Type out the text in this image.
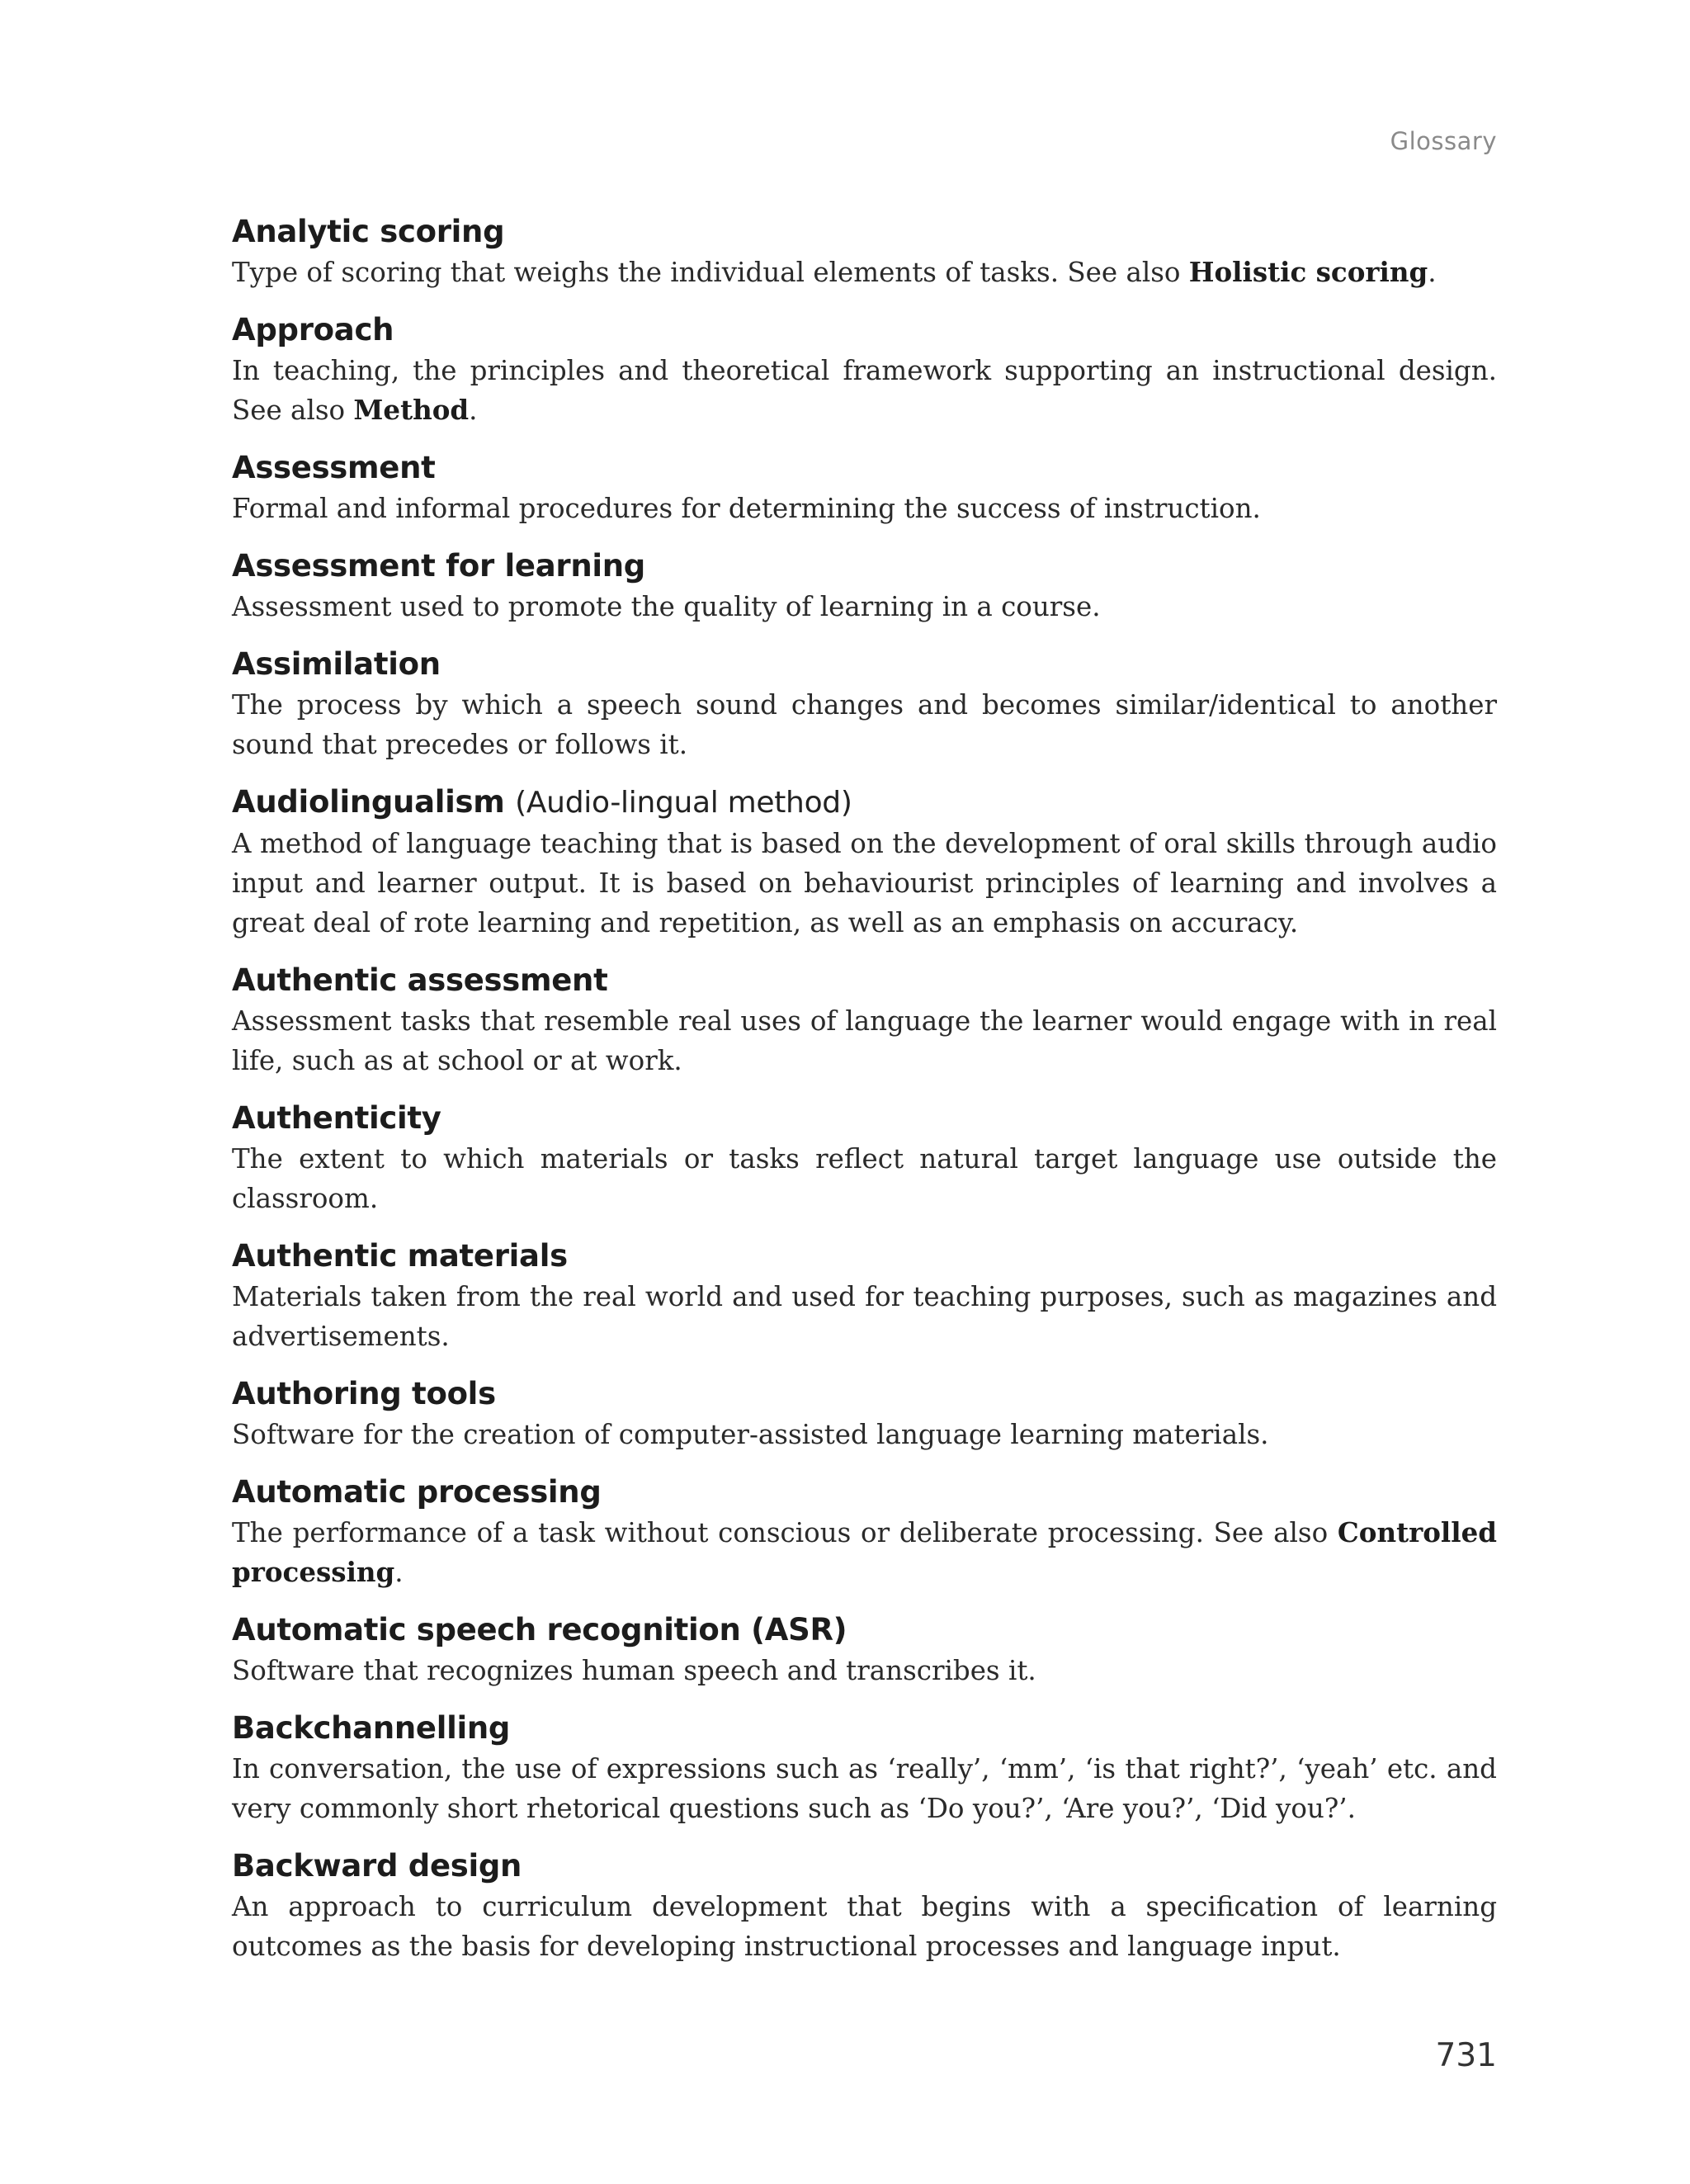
Glossary
Analytic scoring
Type of scoring that weighs the individual elements of tasks. See also Holistic scoring.
Approach
In teaching, the principles and theoretical framework supporting an instructional design. See also Method.
Assessment
Formal and informal procedures for determining the success of instruction.
Assessment for learning
Assessment used to promote the quality of learning in a course.
Assimilation
The process by which a speech sound changes and becomes similar/identical to another sound that precedes or follows it.
Audiolingualism (Audio-lingual method)
A method of language teaching that is based on the development of oral skills through audio input and learner output. It is based on behaviourist principles of learning and involves a great deal of rote learning and repetition, as well as an emphasis on accuracy.
Authentic assessment
Assessment tasks that resemble real uses of language the learner would engage with in real life, such as at school or at work.
Authenticity
The extent to which materials or tasks reflect natural target language use outside the classroom.
Authentic materials
Materials taken from the real world and used for teaching purposes, such as magazines and advertisements.
Authoring tools
Software for the creation of computer-assisted language learning materials.
Automatic processing
The performance of a task without conscious or deliberate processing. See also Controlled processing.
Automatic speech recognition (ASR)
Software that recognizes human speech and transcribes it.
Backchannelling
In conversation, the use of expressions such as ‘really’, ‘mm’, ‘is that right?’, ‘yeah’ etc. and very commonly short rhetorical questions such as ‘Do you?’, ‘Are you?’, ‘Did you?’.
Backward design
An approach to curriculum development that begins with a specification of learning outcomes as the basis for developing instructional processes and language input.
731
